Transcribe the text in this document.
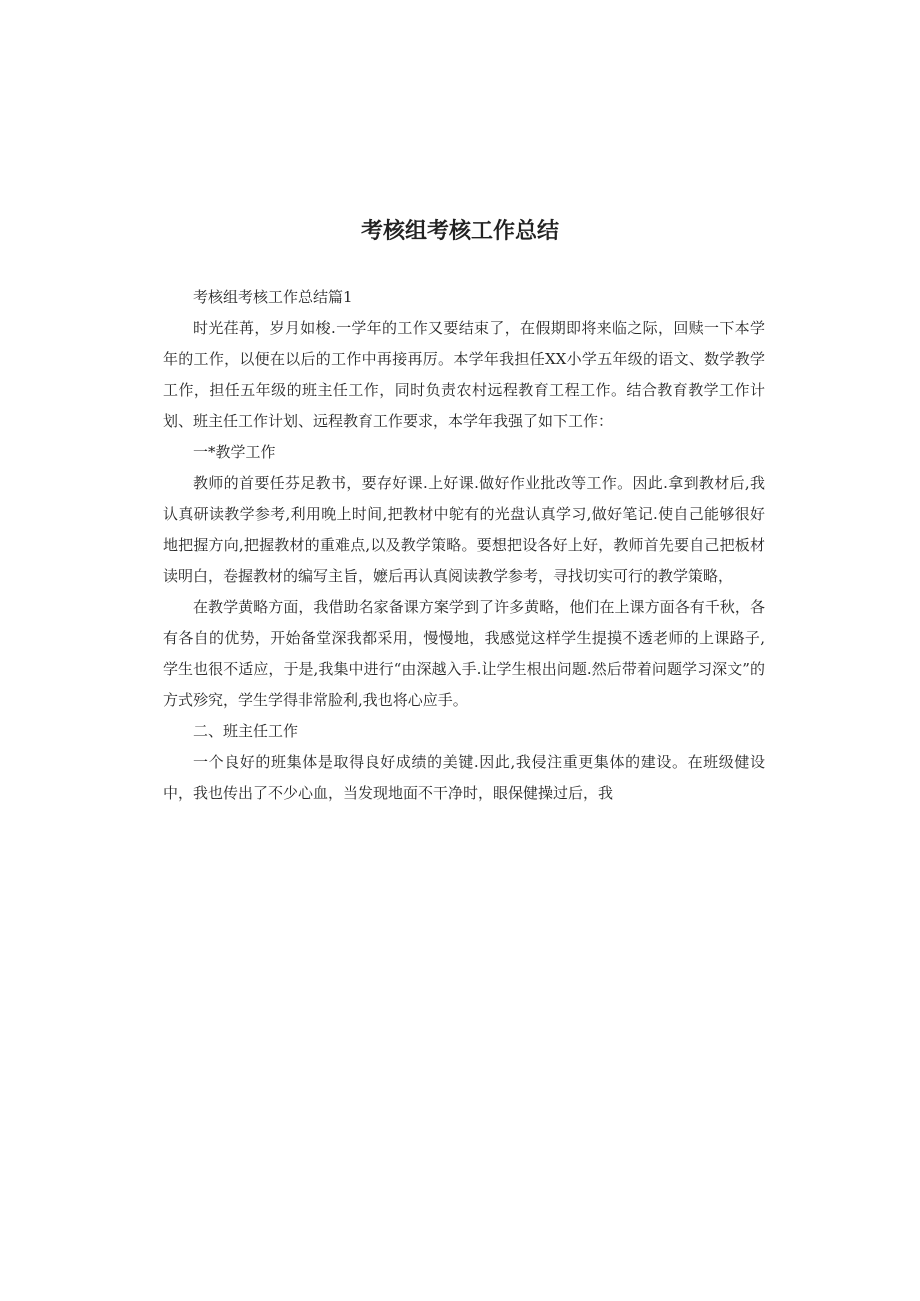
考核组考核工作总结

考核组考核工作总结篇1

时光荏苒，岁月如梭.一学年的工作又要结束了，在假期即将来临之际，回赎一下本学年的工作，以便在以后的工作中再接再厉。本学年我担任XX小学五年级的语文、数学教学工作，担任五年级的班主任工作，同时负责农村远程教育工程工作。结合教育教学工作计划、班主任工作计划、远程教育工作要求，本学年我强了如下工作：

一*教学工作

教师的首要任芬足教书，要存好课.上好课.做好作业批改等工作。因此.拿到教材后,我认真研读教学参考,利用晚上时间,把教材中鸵有的光盘认真学习,做好笔记.使自己能够很好地把握方向,把握教材的重难点,以及教学策略。要想把设各好上好，教师首先要自己把板材读明白，卷握教材的编写主旨，嬷后再认真阅读教学参考，寻找切实可行的教学策略，

在教学黄略方面，我借助名家备课方案学到了许多黄略，他们在上课方面各有千秋，各有各自的优势，开始备堂深我都采用，慢慢地，我感觉这样学生提摸不透老师的上课路子,学生也很不适应，于是,我集中进行“由深越入手.让学生根出问题.然后带着问题学习深文”的方式殄究，学生学得非常脸利,我也将心应手。

二、班主任工作

一个良好的班集体是取得良好成绩的美键.因此,我侵注重更集体的建设。在班级健设中，我也传出了不少心血，当发现地面不干净时，眼保健操过后，我
